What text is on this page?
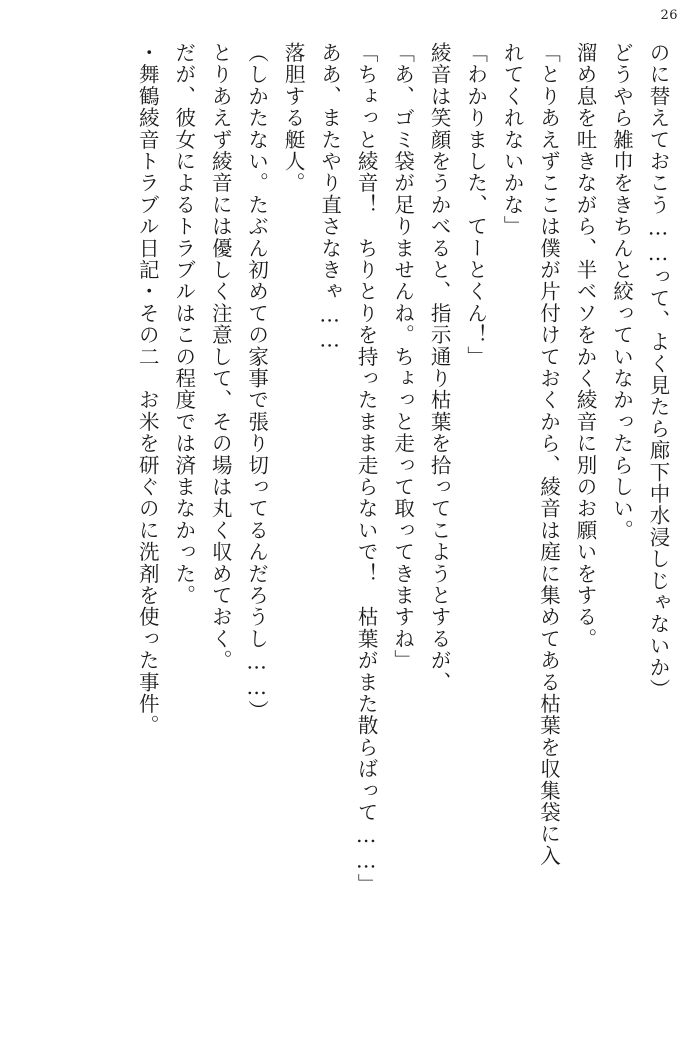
26
のに替えておこう……って、よく見たら廊下中水浸しじゃないか）
どうやら雑巾をきちんと絞っていなかったらしい。
溜め息を吐きながら、半ベソをかく綾音に別のお願いをする。
「とりあえずここは僕が片付けておくから、綾音は庭に集めてある枯葉を収集袋に入
れてくれないかな」
「わかりました、てーとくん！」
綾音は笑顔をうかべると、指示通り枯葉を拾ってこようとするが、
「あ、ゴミ袋が足りませんね。ちょっと走って取ってきますね」
「ちょっと綾音！　ちりとりを持ったまま走らないで！　枯葉がまた散らばって……」
ああ、またやり直さなきゃ……
落胆する艇人。
（しかたない。たぶん初めての家事で張り切ってるんだろうし……）
とりあえず綾音には優しく注意して、その場は丸く収めておく。
だが、彼女によるトラブルはこの程度では済まなかった。
・舞鶴綾音トラブル日記・その二　お米を研ぐのに洗剤を使った事件。
